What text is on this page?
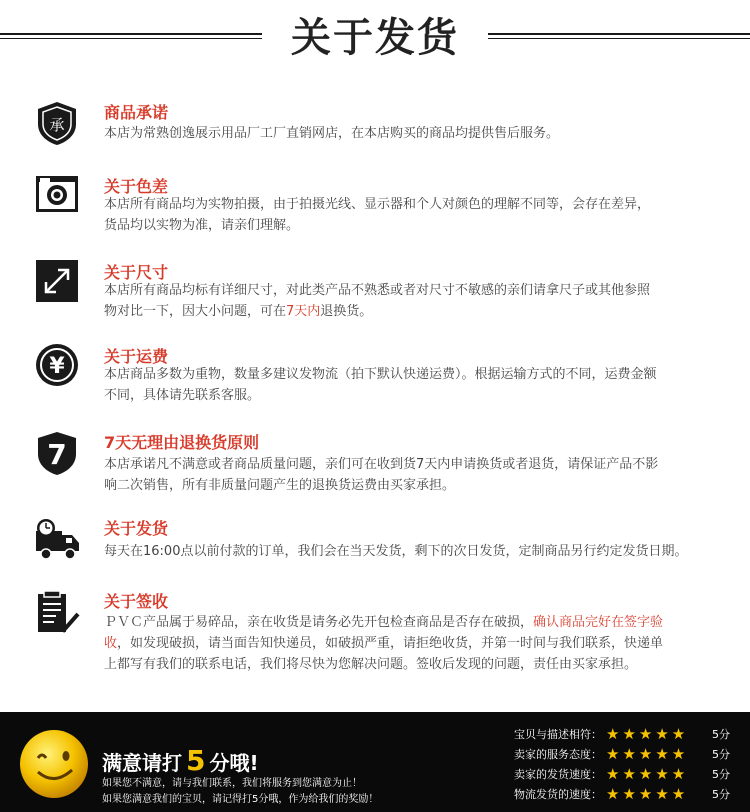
关于发货
承
商品承诺
本店为常熟创逸展示用品厂工厂直销网店，在本店购买的商品均提供售后服务。
关于色差
本店所有商品均为实物拍摄，由于拍摄光线、显示器和个人对颜色的理解不同等，会存在差异，
货品均以实物为准，请亲们理解。
关于尺寸
本店所有商品均标有详细尺寸，对此类产品不熟悉或者对尺寸不敏感的亲们请拿尺子或其他参照
物对比一下，因大小问题，可在7天内退换货。
¥ 关于运费
本店商品多数为重物，数量多建议发物流（拍下默认快递运费）。根据运输方式的不同，运费金额
不同，具体请先联系客服。
7 7天无理由退换货原则
本店承诺凡不满意或者商品质量问题，亲们可在收到货7天内申请换货或者退货，请保证产品不影
响二次销售，所有非质量问题产生的退换货运费由买家承担。
关于发货
每天在16:00点以前付款的订单，我们会在当天发货，剩下的次日发货，定制商品另行约定发货日期。
关于签收
ＰＶＣ产品属于易碎品，亲在收货是请务必先开包检查商品是否存在破损，确认商品完好在签字验
收，如发现破损，请当面告知快递员，如破损严重，请拒绝收货，并第一时间与我们联系，快递单
上都写有我们的联系电话，我们将尽快为您解决问题。签收后发现的问题，责任由买家承担。
满意请打 5 分哦!
如果您不满意，请与我们联系，我们将服务到您满意为止！
如果您满意我们的宝贝，请记得打5分哦，作为给我们的奖励！
宝贝与描述相符： ★★★★★	5分
卖家的服务态度： ★★★★★	5分
卖家的发货速度： ★★★★★	5分
物流发货的速度： ★★★★★	5分
